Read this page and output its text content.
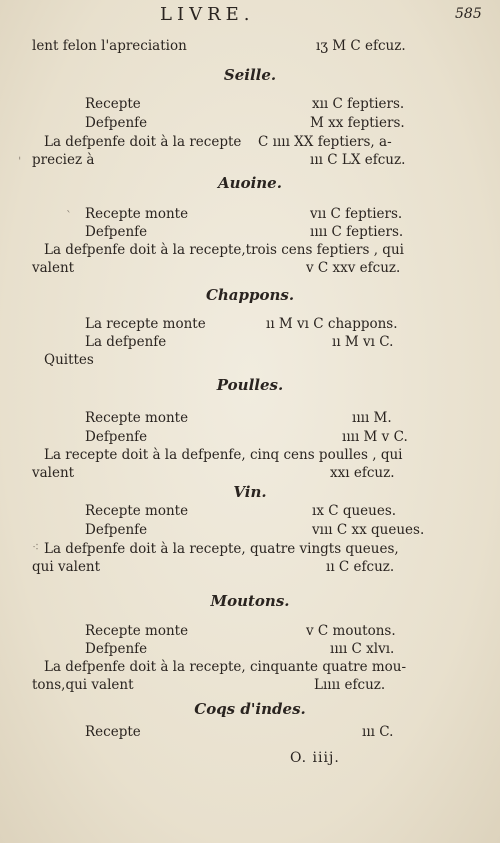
LIVRE.	585
lent felon l'apreciation	ıʒ M C efcuz.
Seille.
Recepte	xıı C feptiers.
Defpenfe	M xx feptiers.
La defpenfe doit à la recepte C ıııı XX feptiers, a-
preciez à	ııı C LX efcuz.
Auoine.
Recepte monte	vıı C feptiers.
Defpenfe	ıııı C feptiers.
La defpenfe doit à la recepte,trois cens feptiers , qui
valent	v C xxv efcuz.
Chappons.
La recepte monte	ıı M vı C chappons.
La defpenfe	ıı M vı C.
Quittes
Poulles.
Recepte monte	ıııı M.
Defpenfe	ıııı M v C.
La recepte doit à la defpenfe, cinq cens poulles , qui
valent	xxı efcuz.
Vin.
Recepte monte	ıx C queues.
Defpenfe	vııı C xx queues.
La defpenfe doit à la recepte, quatre vingts queues,
qui valent	ıı C efcuz.
Moutons.
Recepte monte	v C moutons.
Defpenfe	ıııı C xlvı.
La defpenfe doit à la recepte, cinquante quatre mou-
tons,qui valent	Lıııı efcuz.
Coqs d'indes.
Recepte	ııı C.
ˌ
ˋ
⁖
O. iiij.
